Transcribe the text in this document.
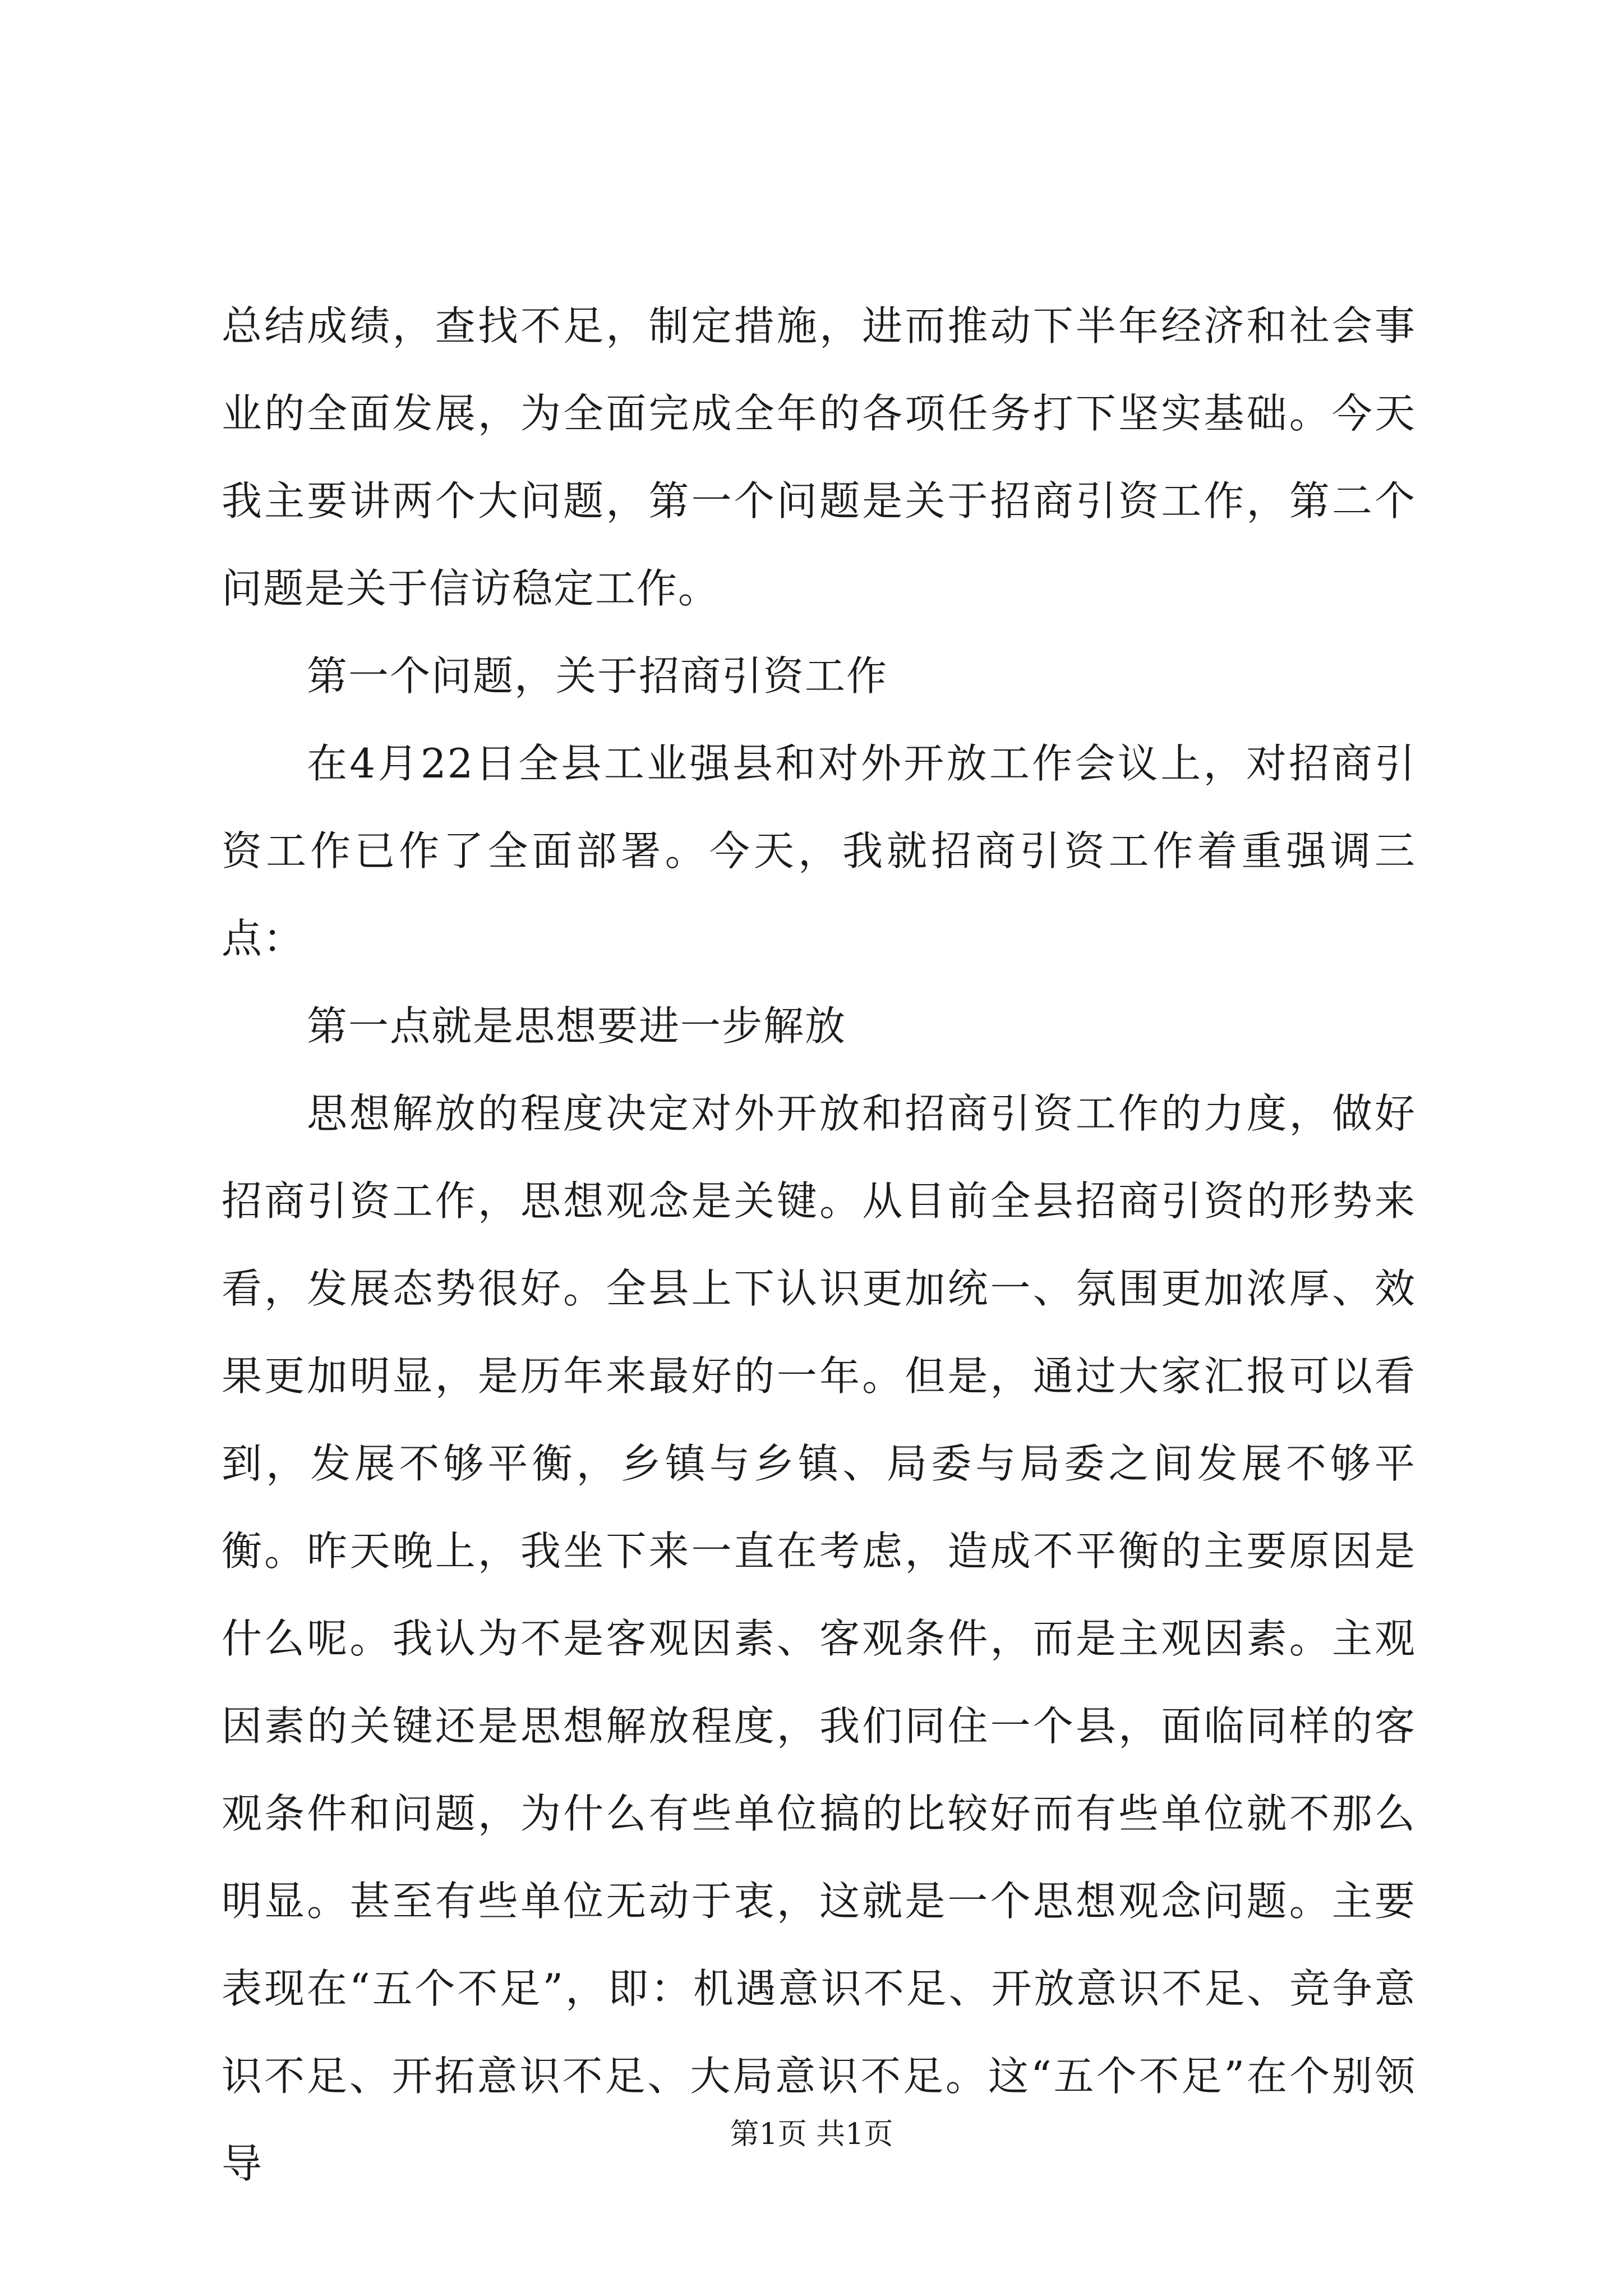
总结成绩，查找不足，制定措施，进而推动下半年经济和社会事业的全面发展，为全面完成全年的各项任务打下坚实基础。今天我主要讲两个大问题，第一个问题是关于招商引资工作，第二个问题是关于信访稳定工作。

第一个问题，关于招商引资工作

在4月22日全县工业强县和对外开放工作会议上，对招商引资工作已作了全面部署。今天，我就招商引资工作着重强调三点：

第一点就是思想要进一步解放

思想解放的程度决定对外开放和招商引资工作的力度，做好招商引资工作，思想观念是关键。从目前全县招商引资的形势来看，发展态势很好。全县上下认识更加统一、氛围更加浓厚、效果更加明显，是历年来最好的一年。但是，通过大家汇报可以看到，发展不够平衡，乡镇与乡镇、局委与局委之间发展不够平衡。昨天晚上，我坐下来一直在考虑，造成不平衡的主要原因是什么呢。我认为不是客观因素、客观条件，而是主观因素。主观因素的关键还是思想解放程度，我们同住一个县，面临同样的客观条件和问题，为什么有些单位搞的比较好而有些单位就不那么明显。甚至有些单位无动于衷，这就是一个思想观念问题。主要表现在“五个不足”，即：机遇意识不足、开放意识不足、竞争意识不足、开拓意识不足、大局意识不足。这“五个不足”在个别领导

第1页 共1页
